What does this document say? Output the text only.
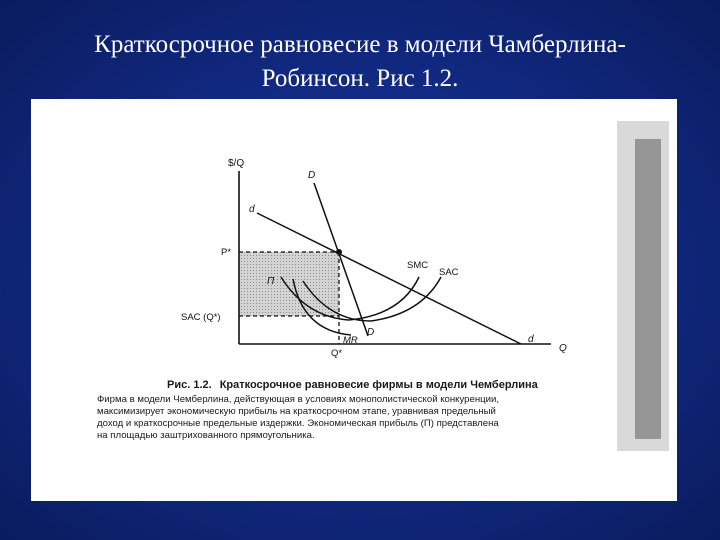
Краткосрочное равновесие в модели Чамберлина-
Робинсон. Рис 1.2.
$/Q
Q
P*
SAC (Q*)
Q*
П
D
D
d
d
SMC
SAC
MR
Рис. 1.2. Краткосрочное равновесие фирмы в модели Чемберлина
Фирма в модели Чемберлина, действующая в условиях монополистической конкуренции,
максимизирует экономическую прибыль на краткосрочном этапе, уравнивая предельный
доход и краткосрочные предельные издержки. Экономическая прибыль (П) представлена
на площадью заштрихованного прямоугольника.
